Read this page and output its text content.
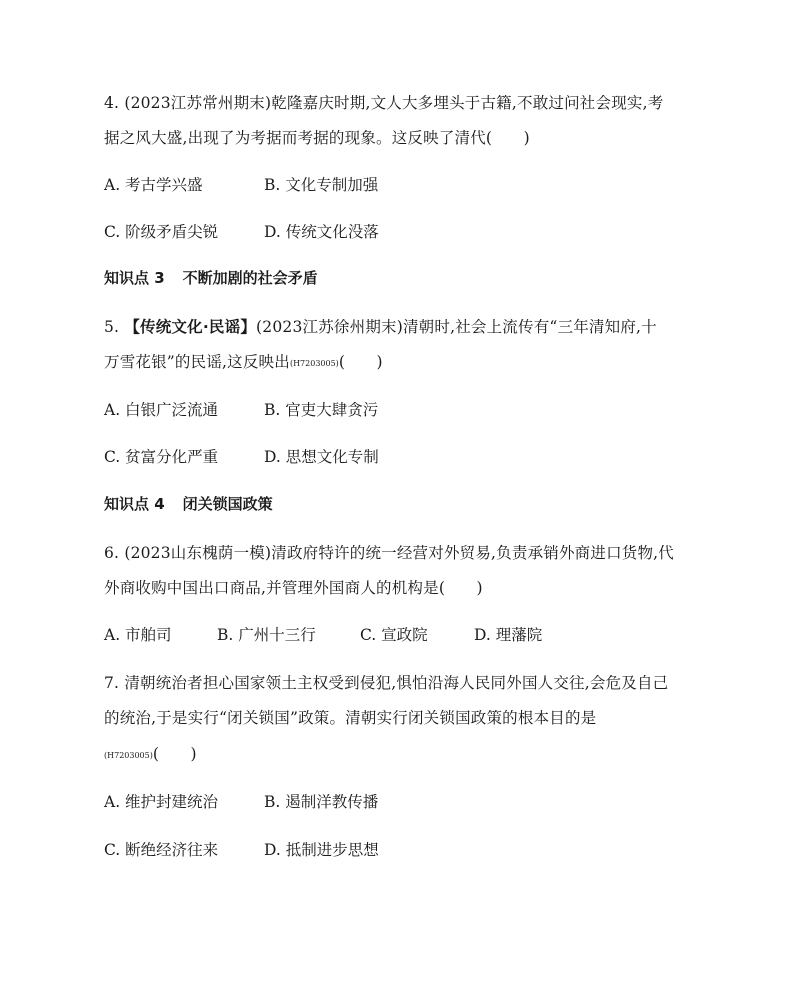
4. (2023江苏常州期末)乾隆嘉庆时期,文人大多埋头于古籍,不敢过问社会现实,考
据之风大盛,出现了为考据而考据的现象。这反映了清代(　　)
A. 考古学兴盛	B. 文化专制加强
C. 阶级矛盾尖锐	D. 传统文化没落
知识点 3 不断加剧的社会矛盾
5. 【传统文化·民谣】(2023江苏徐州期末)清朝时,社会上流传有“三年清知府,十
万雪花银”的民谣,这反映出(H7203005)(　　)
A. 白银广泛流通	B. 官吏大肆贪污
C. 贫富分化严重	D. 思想文化专制
知识点 4 闭关锁国政策
6. (2023山东槐荫一模)清政府特许的统一经营对外贸易,负责承销外商进口货物,代
外商收购中国出口商品,并管理外国商人的机构是(　　)
A. 市舶司	B. 广州十三行	C. 宣政院	D. 理藩院
7. 清朝统治者担心国家领土主权受到侵犯,惧怕沿海人民同外国人交往,会危及自己
的统治,于是实行“闭关锁国”政策。清朝实行闭关锁国政策的根本目的是
(H7203005)(　　)
A. 维护封建统治	B. 遏制洋教传播
C. 断绝经济往来	D. 抵制进步思想
